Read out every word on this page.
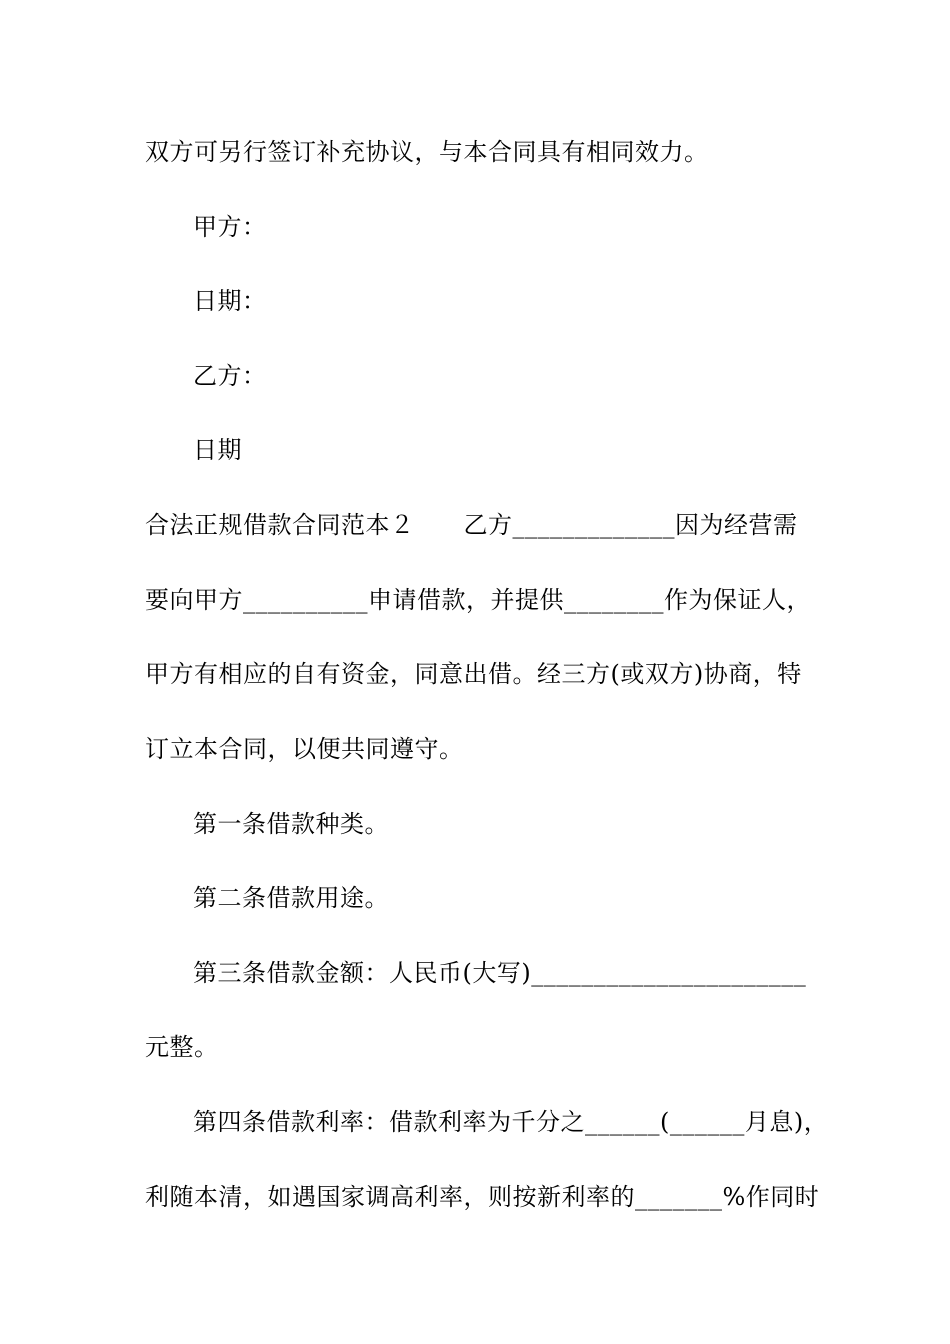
双方可另行签订补充协议，与本合同具有相同效力。
甲方：
日期：
乙方：
日期
合法正规借款合同范本２　　乙方_____________因为经营需
要向甲方__________申请借款，并提供________作为保证人，
甲方有相应的自有资金，同意出借。经三方(或双方)协商，特
订立本合同，以便共同遵守。
第一条借款种类。
第二条借款用途。
第三条借款金额：人民币(大写)______________________
元整。
第四条借款利率：借款利率为千分之______(______月息)，
利随本清，如遇国家调高利率，则按新利率的_______%作同时
